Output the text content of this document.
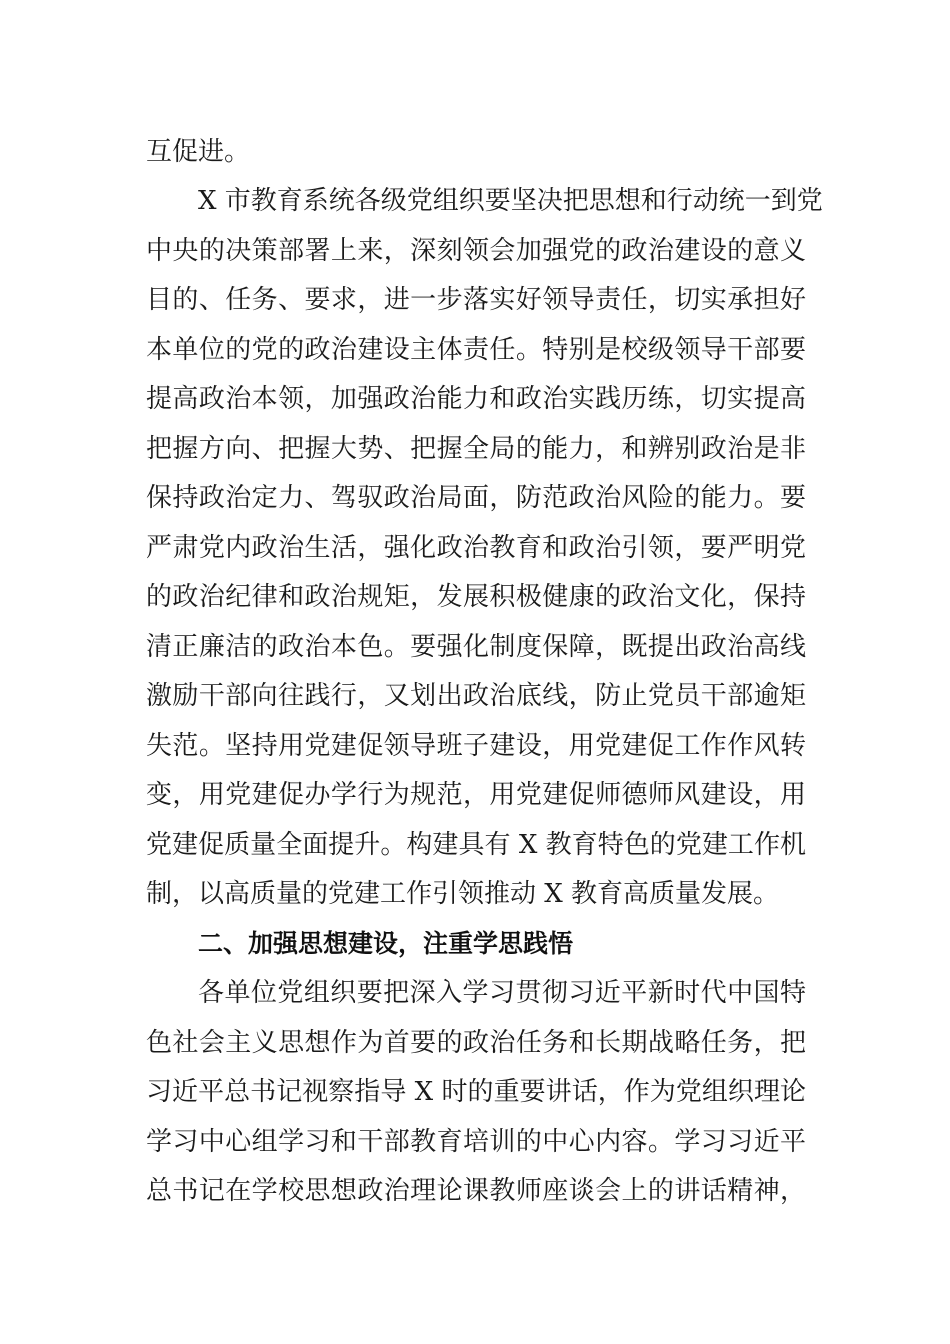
互促进。
X 市教育系统各级党组织要坚决把思想和行动统一到党
中央的决策部署上来，深刻领会加强党的政治建设的意义
目的、任务、要求，进一步落实好领导责任，切实承担好
本单位的党的政治建设主体责任。特别是校级领导干部要
提高政治本领，加强政治能力和政治实践历练，切实提高
把握方向、把握大势、把握全局的能力，和辨别政治是非
保持政治定力、驾驭政治局面，防范政治风险的能力。要
严肃党内政治生活，强化政治教育和政治引领，要严明党
的政治纪律和政治规矩，发展积极健康的政治文化，保持
清正廉洁的政治本色。要强化制度保障，既提出政治高线
激励干部向往践行，又划出政治底线，防止党员干部逾矩
失范。坚持用党建促领导班子建设，用党建促工作作风转
变，用党建促办学行为规范，用党建促师德师风建设，用
党建促质量全面提升。构建具有 X 教育特色的党建工作机
制，以高质量的党建工作引领推动 X 教育高质量发展。
二、加强思想建设，注重学思践悟
各单位党组织要把深入学习贯彻习近平新时代中国特
色社会主义思想作为首要的政治任务和长期战略任务，把
习近平总书记视察指导 X 时的重要讲话，作为党组织理论
学习中心组学习和干部教育培训的中心内容。学习习近平
总书记在学校思想政治理论课教师座谈会上的讲话精神，
